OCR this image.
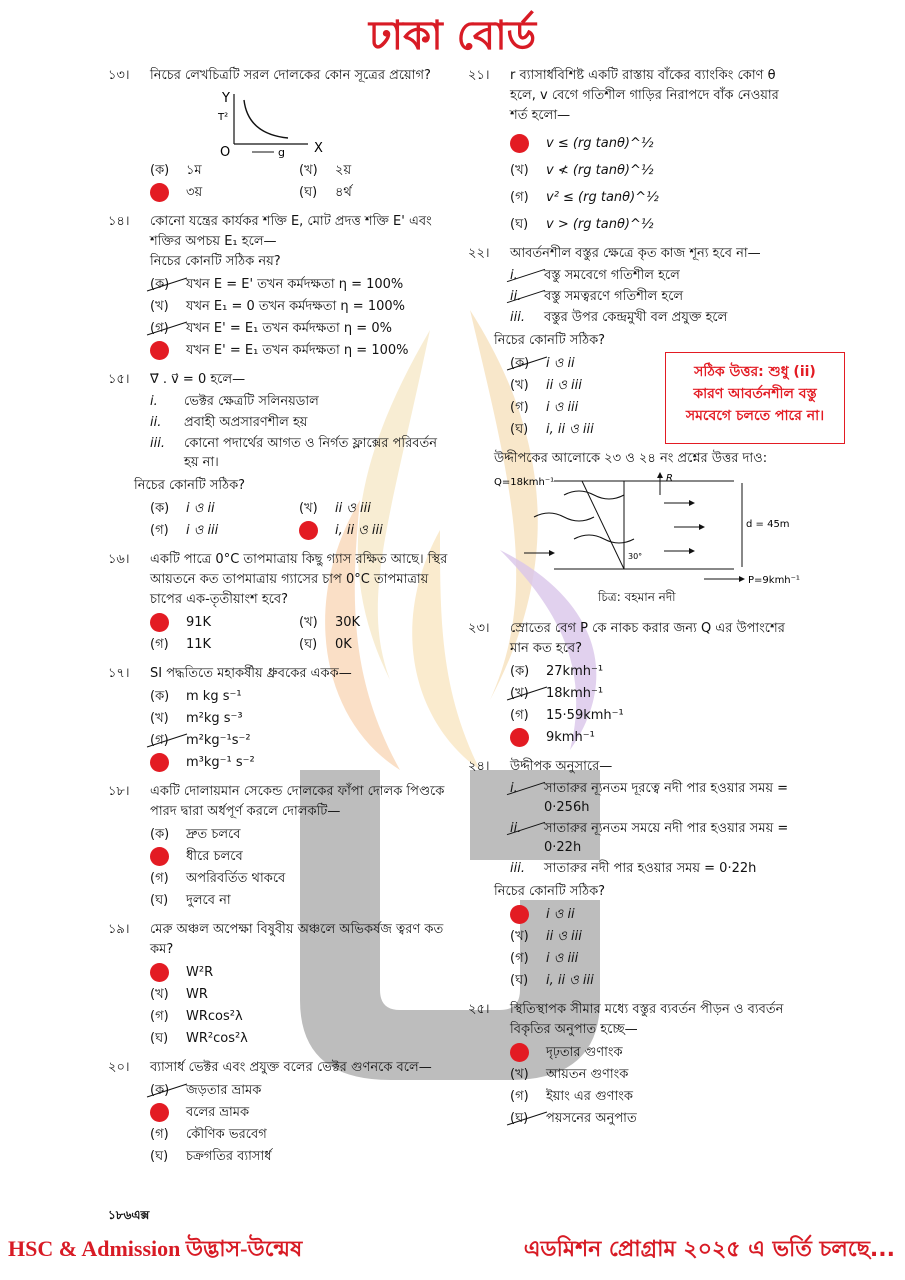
ঢাকা বোর্ড
১৩।	নিচের লেখচিত্রটি সরল দোলকের কোন সূত্রের প্রয়োগ?
Y
T²
O	X
g
(ক)	১ম	(খ)	২য়
৩য়	(ঘ)	৪র্থ
১৪।	কোনো যন্ত্রের কার্যকর শক্তি E, মোট প্রদত্ত শক্তি E' এবং শক্তির অপচয় E₁ হলে—
নিচের কোনটি সঠিক নয়?
(ক)	যখন E = E' তখন কর্মদক্ষতা η = 100%
(খ)	যখন E₁ = 0 তখন কর্মদক্ষতা η = 100%
(গ)	যখন E' = E₁ তখন কর্মদক্ষতা η = 0%
যখন E' = E₁ তখন কর্মদক্ষতা η = 100%
১৫।	∇⃗ . v⃗ = 0 হলে—
i.	ভেক্টর ক্ষেত্রটি সলিনয়ডাল
ii.	প্রবাহী অপ্রসারণশীল হয়
iii.	কোনো পদার্থের আগত ও নির্গত ফ্লাক্সের পরিবর্তন হয় না।
নিচের কোনটি সঠিক?
(ক)	i ও ii	(খ)	ii ও iii
(গ)	i ও iii	i, ii ও iii
১৬।	একটি পাত্রে 0°C তাপমাত্রায় কিছু গ্যাস রক্ষিত আছে। স্থির আয়তনে কত তাপমাত্রায় গ্যাসের চাপ 0°C তাপমাত্রায় চাপের এক-তৃতীয়াংশ হবে?
91K	(খ)	30K
(গ)	11K	(ঘ)	0K
১৭।	SI পদ্ধতিতে মহাকর্ষীয় ধ্রুবকের একক—
(ক)	m kg s⁻¹
(খ)	m²kg s⁻³
(গ)	m²kg⁻¹s⁻²
m³kg⁻¹ s⁻²
১৮।	একটি দোলায়মান সেকেন্ড দোলকের ফাঁপা দোলক পিণ্ডকে পারদ দ্বারা অর্ধপূর্ণ করলে দোলকটি—
(ক)	দ্রুত চলবে
ধীরে চলবে
(গ)	অপরিবর্তিত থাকবে
(ঘ)	দুলবে না
১৯।	মেরু অঞ্চল অপেক্ষা বিষুবীয় অঞ্চলে অভিকর্ষজ ত্বরণ কত কম?
W²R
(খ)	WR
(গ)	WRcos²λ
(ঘ)	WR²cos²λ
২০।	ব্যাসার্ধ ভেক্টর এবং প্রযুক্ত বলের ভেক্টর গুণনকে বলে—
(ক)	জড়তার ভ্রামক
বলের ভ্রামক
(গ)	কৌণিক ভরবেগ
(ঘ)	চক্রগতির ব্যাসার্ধ
২১।	r ব্যাসার্ধবিশিষ্ট একটি রাস্তায় বাঁকের ব্যাংকিং কোণ θ হলে, v বেগে গতিশীল গাড়ির নিরাপদে বাঁক নেওয়ার শর্ত হলো—
v ≤ (rg tanθ)^½
(খ)	v ≮ (rg tanθ)^½
(গ)	v² ≤ (rg tanθ)^½
(ঘ)	v > (rg tanθ)^½
২২।	আবর্তনশীল বস্তুর ক্ষেত্রে কৃত কাজ শূন্য হবে না—
i.	বস্তু সমবেগে গতিশীল হলে
ii.	বস্তু সমত্বরণে গতিশীল হলে
iii.	বস্তুর উপর কেন্দ্রমুখী বল প্রযুক্ত হলে
নিচের কোনটি সঠিক?
(ক)	i ও ii
(খ)	ii ও iii
(গ)	i ও iii
(ঘ)	i, ii ও iii
উদ্দীপকের আলোকে ২৩ ও ২৪ নং প্রশ্নের উত্তর দাও:
Q=18kmh⁻¹	R
d = 45m
30°
P=9kmh⁻¹
চিত্র: বহমান নদী
২৩।	স্রোতের বেগ P কে নাকচ করার জন্য Q এর উপাংশের মান কত হবে?
(ক)	27kmh⁻¹
(খ)	18kmh⁻¹
(গ)	15·59kmh⁻¹
9kmh⁻¹
২৪।	উদ্দীপক অনুসারে—
i.	সাতারুর ন্যূনতম দূরত্বে নদী পার হওয়ার সময় = 0·256h
ii.	সাতারুর ন্যূনতম সময়ে নদী পার হওয়ার সময় = 0·22h
iii.	সাতারুর নদী পার হওয়ার সময় = 0·22h
নিচের কোনটি সঠিক?
i ও ii
(খ)	ii ও iii
(গ)	i ও iii
(ঘ)	i, ii ও iii
২৫।	স্থিতিস্থাপক সীমার মধ্যে বস্তুর ব্যবর্তন পীড়ন ও ব্যবর্তন বিকৃতির অনুপাত হচ্ছে—
দৃঢ়তার গুণাংক
(খ)	আয়তন গুণাংক
(গ)	ইয়াং এর গুণাংক
(ঘ)	পয়সনের অনুপাত
সঠিক উত্তর: শুধু (ii)
কারণ আবর্তনশীল বস্তু
সমবেগে চলতে পারে না।
১৮৬এক্স
HSC & Admission উদ্ভাস-উন্মেষ	এডমিশন প্রোগ্রাম ২০২৫ এ ভর্তি চলছে...
